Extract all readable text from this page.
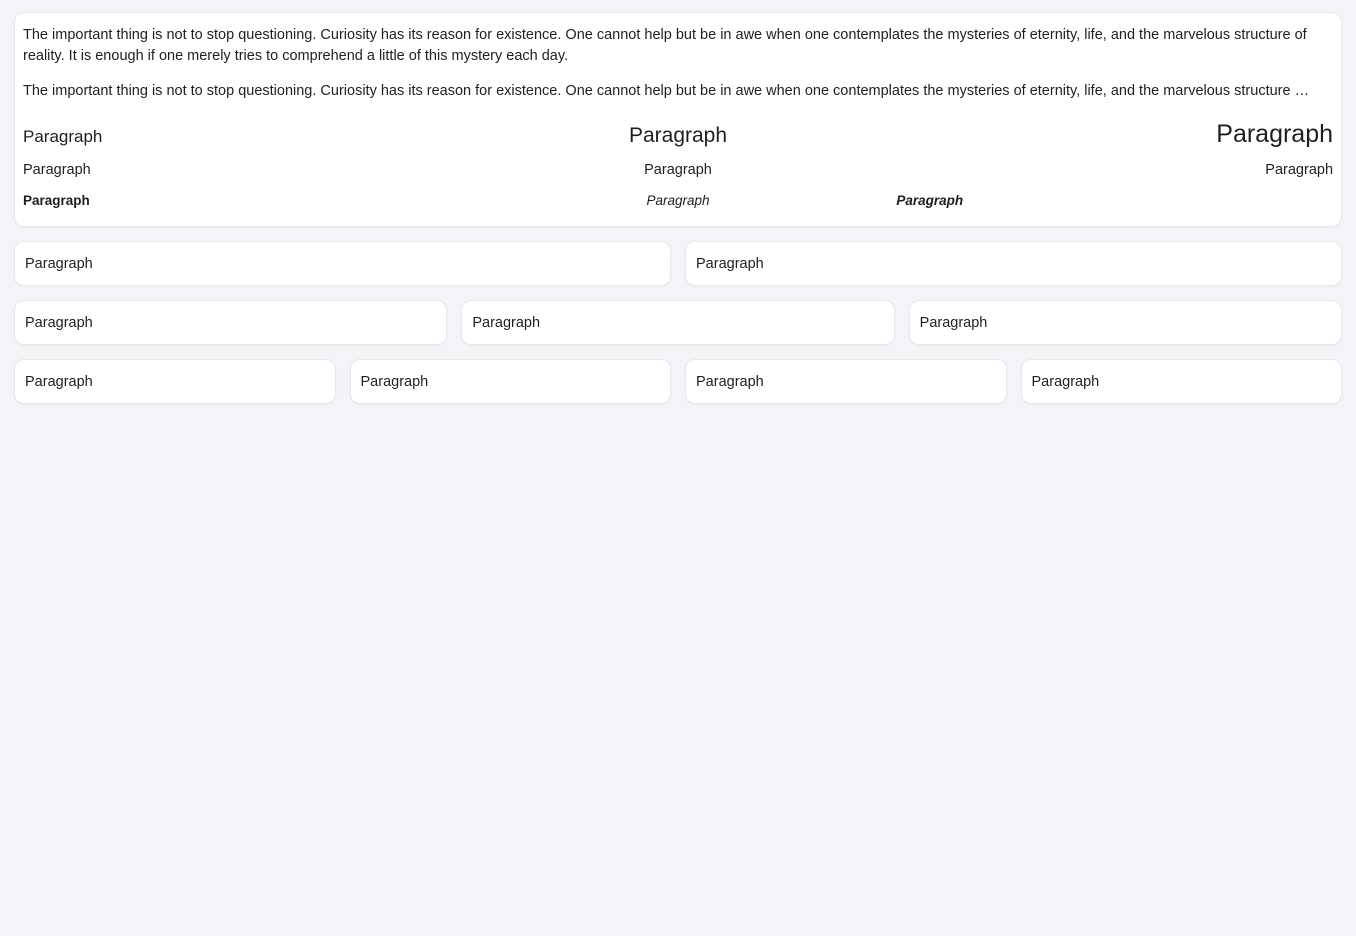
The important thing is not to stop questioning. Curiosity has its reason for existence. One cannot help but be in awe when one contemplates the mysteries of eternity, life, and the marvelous structure of reality. It is enough if one merely tries to comprehend a little of this mystery each day.

The important thing is not to stop questioning. Curiosity has its reason for existence. One cannot help but be in awe when one contemplates the mysteries of eternity, life, and the marvelous structure …

Paragraph	Paragraph	Paragraph
Paragraph	Paragraph	Paragraph
Paragraph	Paragraph	Paragraph
Paragraph	Paragraph
Paragraph	Paragraph	Paragraph
Paragraph	Paragraph	Paragraph	Paragraph
